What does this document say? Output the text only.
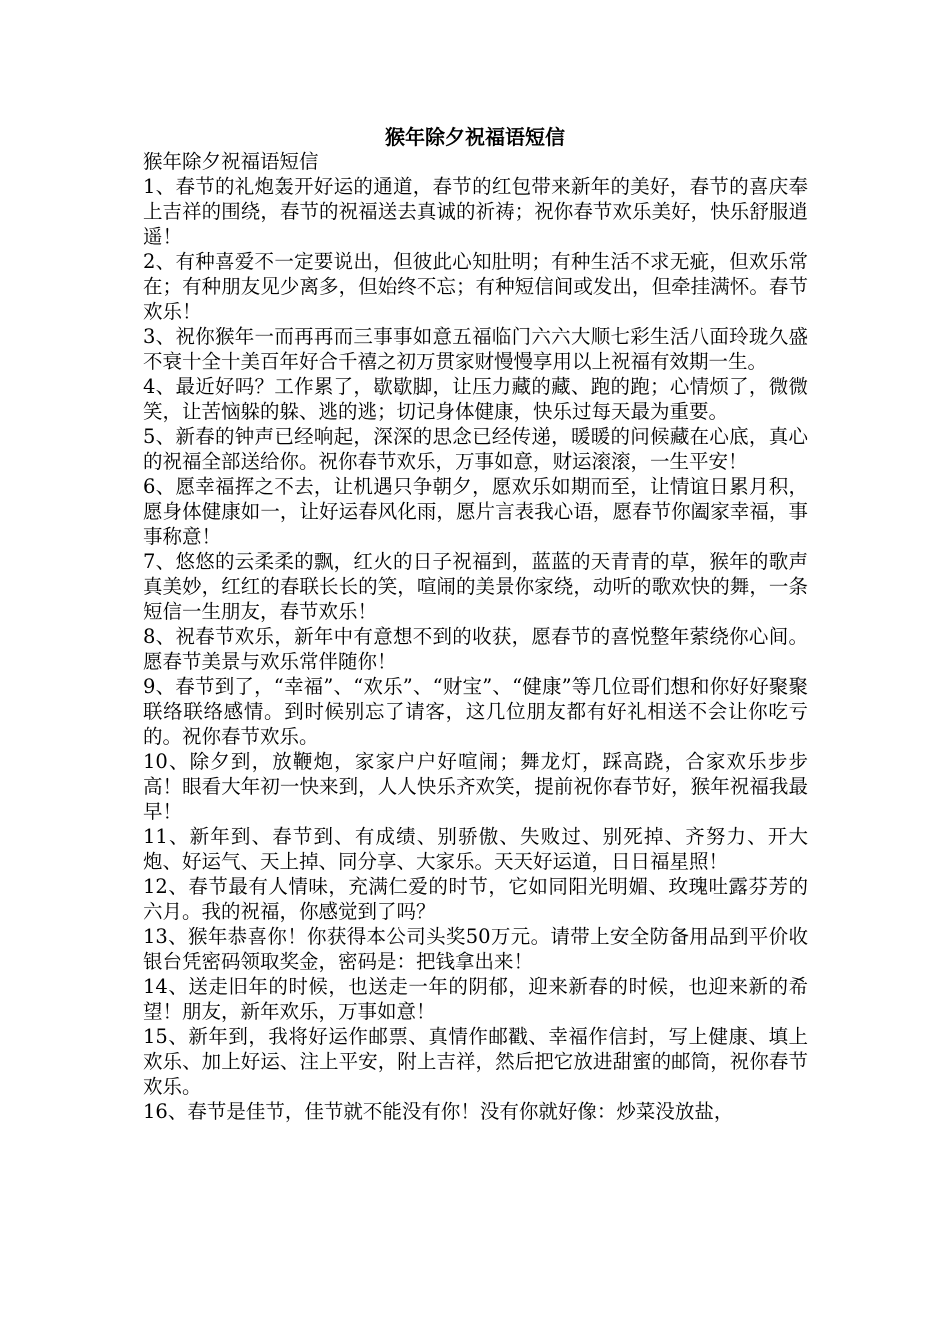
猴年除夕祝福语短信

猴年除夕祝福语短信

1、春节的礼炮轰开好运的通道，春节的红包带来新年的美好，春节的喜庆奉上吉祥的围绕，春节的祝福送去真诚的祈祷；祝你春节欢乐美好，快乐舒服逍遥！

2、有种喜爱不一定要说出，但彼此心知肚明；有种生活不求无疵，但欢乐常在；有种朋友见少离多，但始终不忘；有种短信间或发出，但牵挂满怀。春节欢乐！

3、祝你猴年一而再再而三事事如意五福临门六六大顺七彩生活八面玲珑久盛不衰十全十美百年好合千禧之初万贯家财慢慢享用以上祝福有效期一生。

4、最近好吗？工作累了，歇歇脚，让压力藏的藏、跑的跑；心情烦了，微微笑，让苦恼躲的躲、逃的逃；切记身体健康，快乐过每天最为重要。

5、新春的钟声已经响起，深深的思念已经传递，暖暖的问候藏在心底，真心的祝福全部送给你。祝你春节欢乐，万事如意，财运滚滚，一生平安！

6、愿幸福挥之不去，让机遇只争朝夕，愿欢乐如期而至，让情谊日累月积，愿身体健康如一，让好运春风化雨，愿片言表我心语，愿春节你阖家幸福，事事称意！

7、悠悠的云柔柔的飘，红火的日子祝福到，蓝蓝的天青青的草，猴年的歌声真美妙，红红的春联长长的笑，喧闹的美景你家绕，动听的歌欢快的舞，一条短信一生朋友，春节欢乐！

8、祝春节欢乐，新年中有意想不到的收获，愿春节的喜悦整年萦绕你心间。愿春节美景与欢乐常伴随你！

9、春节到了，“幸福”、“欢乐”、“财宝”、“健康”等几位哥们想和你好好聚聚联络联络感情。到时候别忘了请客，这几位朋友都有好礼相送不会让你吃亏的。祝你春节欢乐。

10、除夕到，放鞭炮，家家户户好喧闹；舞龙灯，踩高跷，合家欢乐步步高！眼看大年初一快来到，人人快乐齐欢笑，提前祝你春节好，猴年祝福我最早！

11、新年到、春节到、有成绩、别骄傲、失败过、别死掉、齐努力、开大炮、好运气、天上掉、同分享、大家乐。天天好运道，日日福星照！

12、春节最有人情味，充满仁爱的时节，它如同阳光明媚、玫瑰吐露芬芳的六月。我的祝福，你感觉到了吗？

13、猴年恭喜你！你获得本公司头奖50万元。请带上安全防备用品到平价收银台凭密码领取奖金，密码是：把钱拿出来！

14、送走旧年的时候，也送走一年的阴郁，迎来新春的时候，也迎来新的希望！朋友，新年欢乐，万事如意！

15、新年到，我将好运作邮票、真情作邮戳、幸福作信封，写上健康、填上欢乐、加上好运、注上平安，附上吉祥，然后把它放进甜蜜的邮筒，祝你春节欢乐。

16、春节是佳节，佳节就不能没有你！没有你就好像：炒菜没放盐，
